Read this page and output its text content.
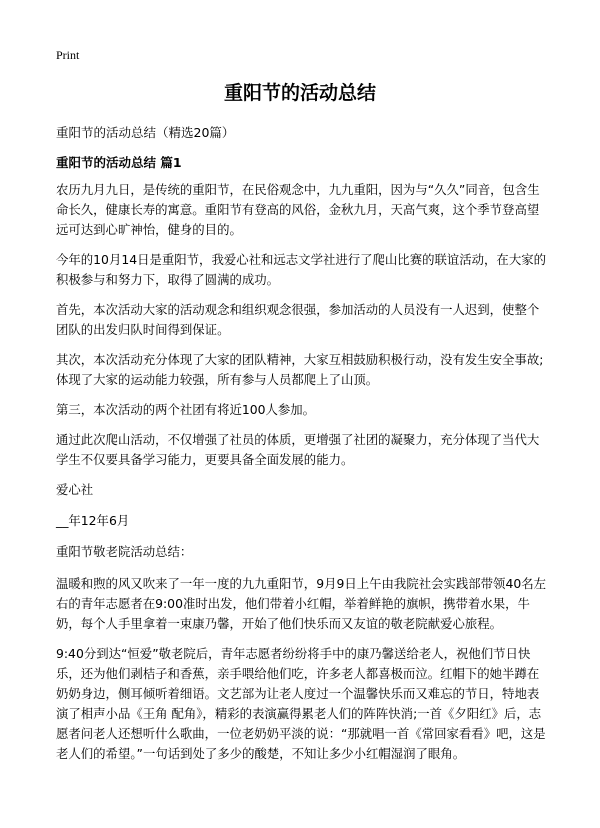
Print
重阳节的活动总结
重阳节的活动总结（精选20篇）
重阳节的活动总结 篇1

农历九月九日，是传统的重阳节，在民俗观念中，九九重阳，因为与“久久”同音，包含生命长久，健康长寿的寓意。重阳节有登高的风俗，金秋九月，天高气爽，这个季节登高望远可达到心旷神怡，健身的目的。

今年的10月14日是重阳节，我爱心社和远志文学社进行了爬山比赛的联谊活动，在大家的积极参与和努力下，取得了圆满的成功。

首先，本次活动大家的活动观念和组织观念很强，参加活动的人员没有一人迟到，使整个团队的出发归队时间得到保证。

其次，本次活动充分体现了大家的团队精神，大家互相鼓励积极行动，没有发生安全事故;体现了大家的运动能力较强，所有参与人员都爬上了山顶。

第三，本次活动的两个社团有将近100人参加。

通过此次爬山活动，不仅增强了社员的体质，更增强了社团的凝聚力，充分体现了当代大学生不仅要具备学习能力，更要具备全面发展的能力。

爱心社

__年12年6月

重阳节敬老院活动总结：

温暖和煦的风又吹来了一年一度的九九重阳节，9月9日上午由我院社会实践部带领40名左右的青年志愿者在9:00准时出发，他们带着小红帽，举着鲜艳的旗帜，携带着水果，牛奶，每个人手里拿着一束康乃馨，开始了他们快乐而又友谊的敬老院献爱心旅程。

9:40分到达“恒爱”敬老院后，青年志愿者纷纷将手中的康乃馨送给老人，祝他们节日快乐，还为他们剥桔子和香蕉，亲手喂给他们吃，许多老人都喜极而泣。红帽下的她半蹲在奶奶身边，侧耳倾听着细语。文艺部为让老人度过一个温馨快乐而又难忘的节日，特地表演了相声小品《王角 配角》，精彩的表演赢得累老人们的阵阵快消;一首《夕阳红》后，志愿者问老人还想听什么歌曲，一位老奶奶平淡的说：“那就唱一首《常回家看看》吧，这是老人们的希望。”一句话到处了多少的酸楚，不知让多少小红帽湿润了眼角。
